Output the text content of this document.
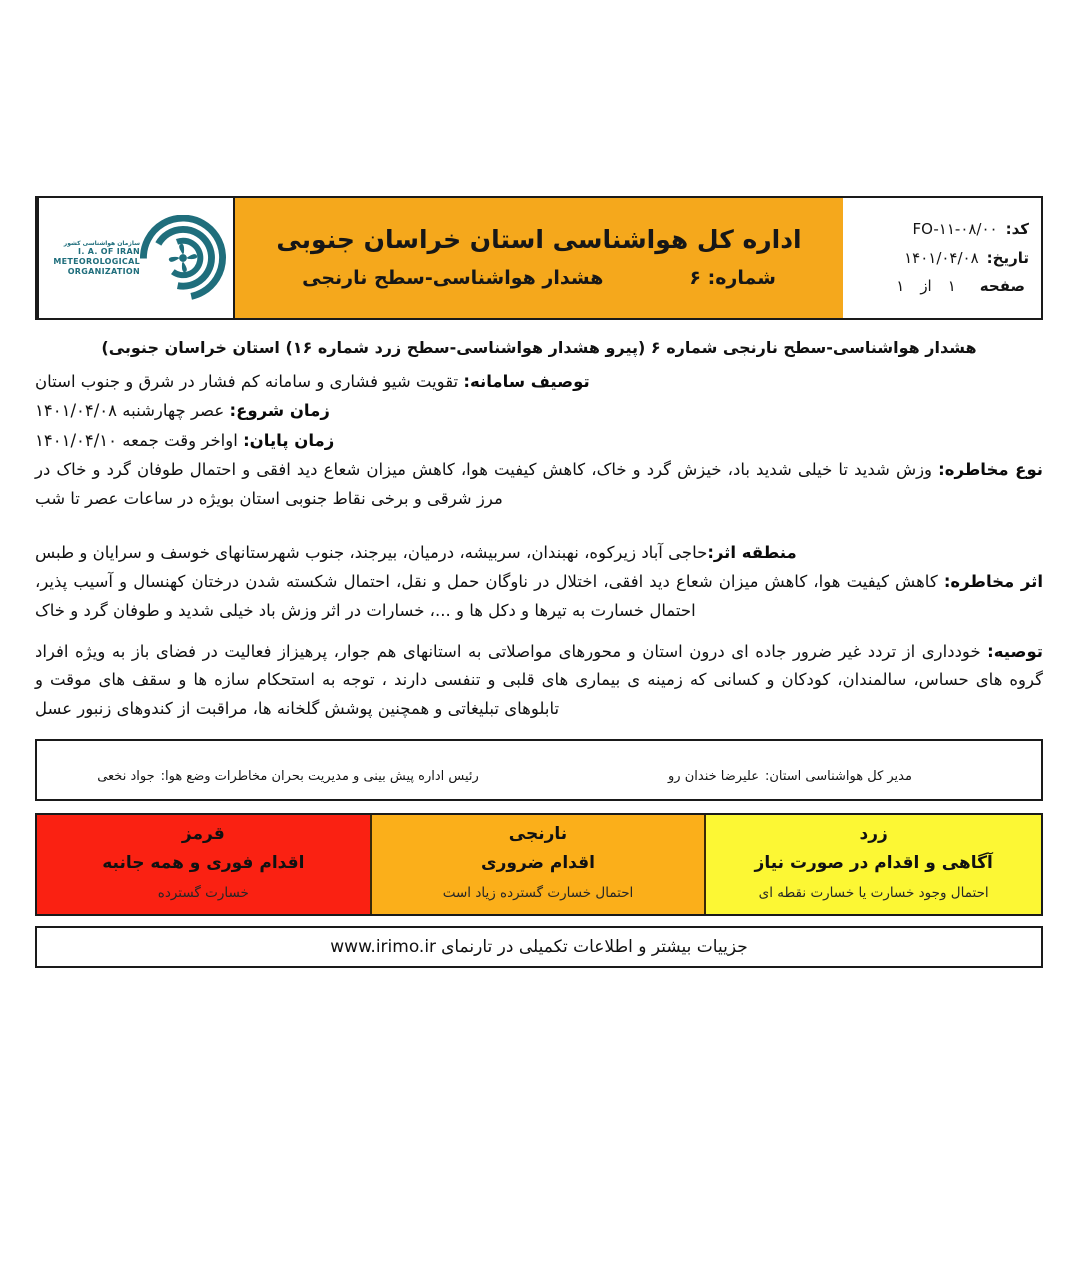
کد:
FO-۱۱-۰۸/۰۰
تاریخ:
۱۴۰۱/۰۴/۰۸
صفحه
۱
از
۱
اداره کل هواشناسی استان خراسان جنوبی
شماره: ۶
هشدار هواشناسی-سطح نارنجی
سازمان هواشناسی کشور
I. A. OF IRAN
METEOROLOGICAL
ORGANIZATION
هشدار هواشناسی-سطح نارنجی شماره ۶ (پیرو هشدار هواشناسی-سطح زرد شماره ۱۶) استان خراسان جنوبی)

توصیف سامانه: تقویت شیو فشاری و سامانه کم فشار در شرق و جنوب استان

زمان شروع: عصر چهارشنبه ۱۴۰۱/۰۴/۰۸

زمان پایان: اواخر وقت جمعه ۱۴۰۱/۰۴/۱۰

نوع مخاطره: وزش شدید تا خیلی شدید باد، خیزش گرد و خاک، کاهش کیفیت هوا، کاهش میزان شعاع دید افقی و احتمال طوفان گرد و خاک در مرز شرقی و برخی نقاط جنوبی استان بویژه در ساعات عصر تا شب

منطقه اثر:حاجی آباد زیرکوه، نهبندان، سربیشه، درمیان، بیرجند، جنوب شهرستانهای خوسف و سرایان و طبس

اثر مخاطره: کاهش کیفیت هوا، کاهش میزان شعاع دید افقی، اختلال در ناوگان حمل و نقل، احتمال شکسته شدن درختان کهنسال و آسیب پذیر، احتمال خسارت به تیرها و دکل ها و ...، خسارات در اثر وزش باد خیلی شدید و طوفان گرد و خاک

توصیه: خودداری از تردد غیر ضرور جاده ای درون استان و محورهای مواصلاتی به استانهای هم جوار، پرهیزاز فعالیت در فضای باز به ویژه افراد گروه های حساس، سالمندان، کودکان و کسانی که زمینه ی بیماری های قلبی و تنفسی دارند ، توجه به استحکام سازه ها و سقف های موقت و تابلوهای تبلیغاتی و همچنین پوشش گلخانه ها، مراقبت از کندوهای زنبور عسل

مدیر کل هواشناسی استان:علیرضا خندان رو
رئیس اداره پیش بینی و مدیریت بحران مخاطرات وضع هوا:جواد نخعی
زرد
آگاهی و اقدام در صورت نیاز
احتمال وجود خسارت یا خسارت نقطه ای
نارنجی
اقدام ضروری
احتمال خسارت گسترده زیاد است
قرمز
اقدام فوری و همه جانبه
خسارت گسترده
جزییات بیشتر و اطلاعات تکمیلی در تارنمایwww.irimo.ir
